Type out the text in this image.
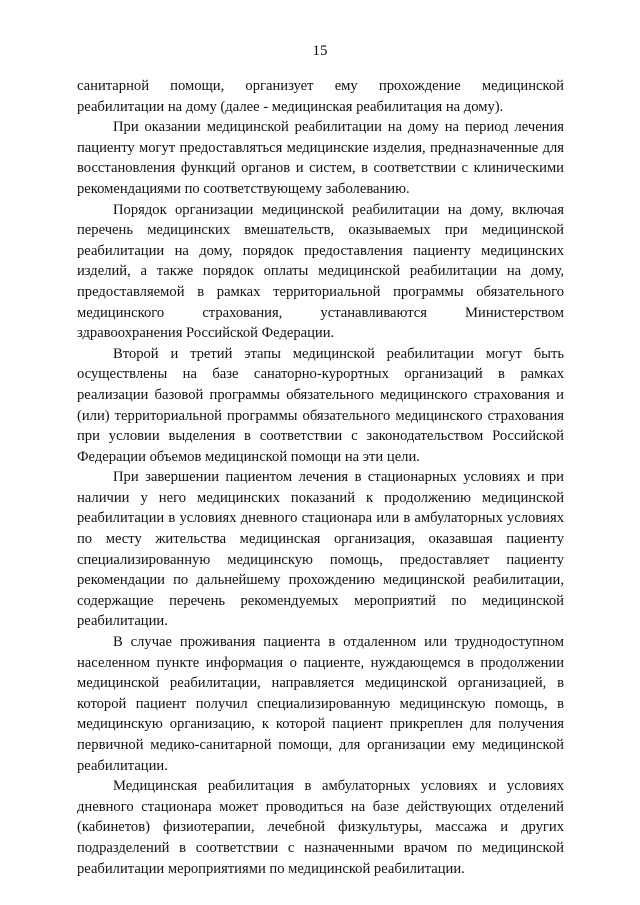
15

санитарной помощи, организует ему прохождение медицинской реабилитации на дому (далее - медицинская реабилитация на дому).

При оказании медицинской реабилитации на дому на период лечения пациенту могут предоставляться медицинские изделия, предназначенные для восстановления функций органов и систем, в соответствии с клиническими рекомендациями по соответствующему заболеванию.

Порядок организации медицинской реабилитации на дому, включая перечень медицинских вмешательств, оказываемых при медицинской реабилитации на дому, порядок предоставления пациенту медицинских изделий, а также порядок оплаты медицинской реабилитации на дому, предоставляемой в рамках территориальной программы обязательного медицинского страхования, устанавливаются Министерством здравоохранения Российской Федерации.

Второй и третий этапы медицинской реабилитации могут быть осуществлены на базе санаторно-курортных организаций в рамках реализации базовой программы обязательного медицинского страхования и (или) территориальной программы обязательного медицинского страхования при условии выделения в соответствии с законодательством Российской Федерации объемов медицинской помощи на эти цели.

При завершении пациентом лечения в стационарных условиях и при наличии у него медицинских показаний к продолжению медицинской реабилитации в условиях дневного стационара или в амбулаторных условиях по месту жительства медицинская организация, оказавшая пациенту специализированную медицинскую помощь, предоставляет пациенту рекомендации по дальнейшему прохождению медицинской реабилитации, содержащие перечень рекомендуемых мероприятий по медицинской реабилитации.

В случае проживания пациента в отдаленном или труднодоступном населенном пункте информация о пациенте, нуждающемся в продолжении медицинской реабилитации, направляется медицинской организацией, в которой пациент получил специализированную медицинскую помощь, в медицинскую организацию, к которой пациент прикреплен для получения первичной медико-санитарной помощи, для организации ему медицинской реабилитации.

Медицинская реабилитация в амбулаторных условиях и условиях дневного стационара может проводиться на базе действующих отделений (кабинетов) физиотерапии, лечебной физкультуры, массажа и других подразделений в соответствии с назначенными врачом по медицинской реабилитации мероприятиями по медицинской реабилитации.
